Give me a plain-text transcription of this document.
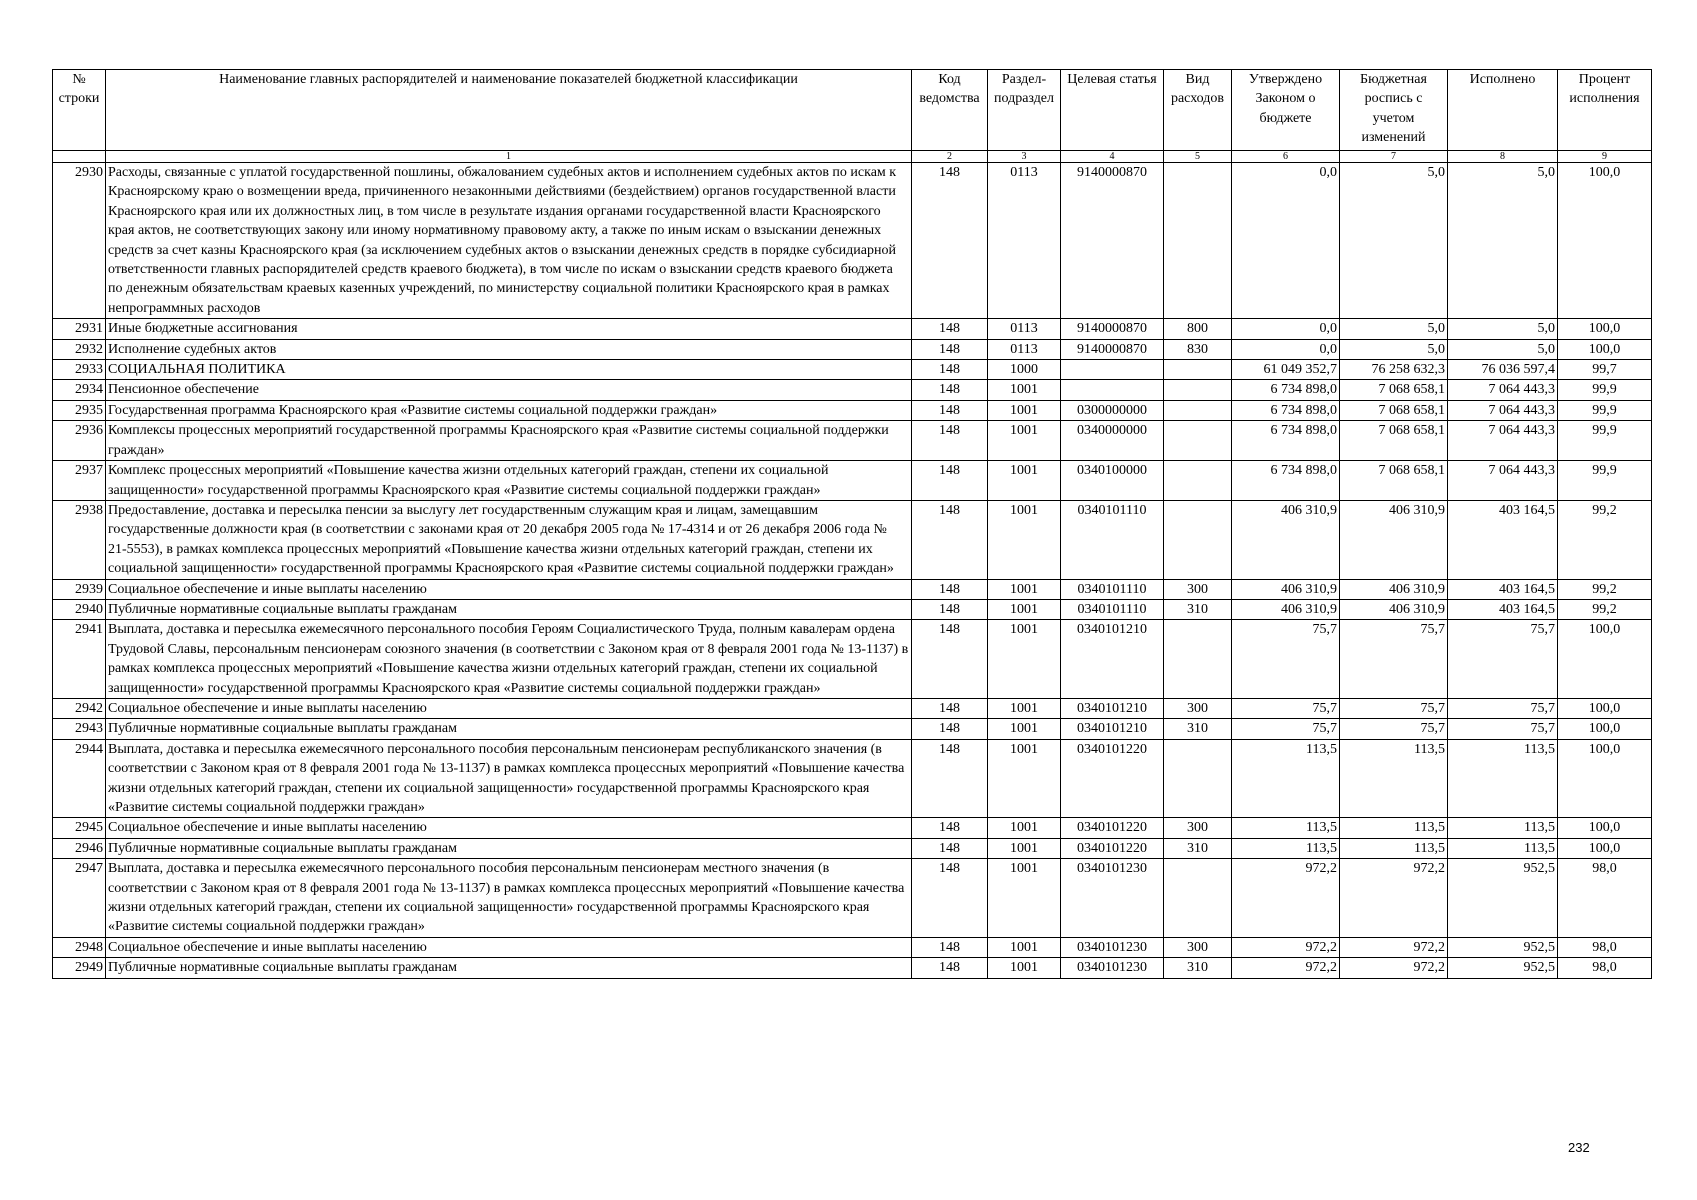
№ строки	Наименование главных распорядителей и наименование показателей бюджетной классификации	Код ведомства	Раздел-подраздел	Целевая статья	Вид расходов	Утверждено Законом о бюджете	Бюджетная роспись с учетом изменений	Исполнено	Процент исполнения
	1	2	3	4	5	6	7	8	9
2930	Расходы, связанные с уплатой государственной пошлины, обжалованием судебных актов и исполнением судебных актов по искам к Красноярскому краю о возмещении вреда, причиненного незаконными действиями (бездействием) органов государственной власти Красноярского края или их должностных лиц, в том числе в результате издания органами государственной власти Красноярского края актов, не соответствующих закону или иному нормативному правовому акту, а также по иным искам о взыскании денежных средств за счет казны Красноярского края (за исключением судебных актов о взыскании денежных средств в порядке субсидиарной ответственности главных распорядителей средств краевого бюджета), в том числе по искам о взыскании средств краевого бюджета по денежным обязательствам краевых казенных учреждений, по министерству социальной политики Красноярского края в рамках непрограммных расходов	148	0113	9140000870		0,0	5,0	5,0	100,0
2931	Иные бюджетные ассигнования	148	0113	9140000870	800	0,0	5,0	5,0	100,0
2932	Исполнение судебных актов	148	0113	9140000870	830	0,0	5,0	5,0	100,0
2933	СОЦИАЛЬНАЯ ПОЛИТИКА	148	1000			61 049 352,7	76 258 632,3	76 036 597,4	99,7
2934	Пенсионное обеспечение	148	1001			6 734 898,0	7 068 658,1	7 064 443,3	99,9
2935	Государственная программа Красноярского края «Развитие системы социальной поддержки граждан»	148	1001	0300000000		6 734 898,0	7 068 658,1	7 064 443,3	99,9
2936	Комплексы процессных мероприятий государственной программы Красноярского края «Развитие системы социальной поддержки граждан»	148	1001	0340000000		6 734 898,0	7 068 658,1	7 064 443,3	99,9
2937	Комплекс процессных мероприятий «Повышение качества жизни отдельных категорий граждан, степени их социальной защищенности» государственной программы Красноярского края «Развитие системы социальной поддержки граждан»	148	1001	0340100000		6 734 898,0	7 068 658,1	7 064 443,3	99,9
2938	Предоставление, доставка и пересылка пенсии за выслугу лет государственным служащим края и лицам, замещавшим государственные должности края (в соответствии с законами края от 20 декабря 2005 года № 17-4314 и от 26 декабря 2006 года № 21-5553), в рамках комплекса процессных мероприятий «Повышение качества жизни отдельных категорий граждан, степени их социальной защищенности» государственной программы Красноярского края «Развитие системы социальной поддержки граждан»	148	1001	0340101110		406 310,9	406 310,9	403 164,5	99,2
2939	Социальное обеспечение и иные выплаты населению	148	1001	0340101110	300	406 310,9	406 310,9	403 164,5	99,2
2940	Публичные нормативные социальные выплаты гражданам	148	1001	0340101110	310	406 310,9	406 310,9	403 164,5	99,2
2941	Выплата, доставка и пересылка ежемесячного персонального пособия Героям Социалистического Труда, полным кавалерам ордена Трудовой Славы, персональным пенсионерам союзного значения (в соответствии с Законом края от 8 февраля 2001 года № 13-1137) в рамках комплекса процессных мероприятий «Повышение качества жизни отдельных категорий граждан, степени их социальной защищенности» государственной программы Красноярского края «Развитие системы социальной поддержки граждан»	148	1001	0340101210		75,7	75,7	75,7	100,0
2942	Социальное обеспечение и иные выплаты населению	148	1001	0340101210	300	75,7	75,7	75,7	100,0
2943	Публичные нормативные социальные выплаты гражданам	148	1001	0340101210	310	75,7	75,7	75,7	100,0
2944	Выплата, доставка и пересылка ежемесячного персонального пособия персональным пенсионерам республиканского значения (в соответствии с Законом края от 8 февраля 2001 года № 13-1137) в рамках комплекса процессных мероприятий «Повышение качества жизни отдельных категорий граждан, степени их социальной защищенности» государственной программы Красноярского края «Развитие системы социальной поддержки граждан»	148	1001	0340101220		113,5	113,5	113,5	100,0
2945	Социальное обеспечение и иные выплаты населению	148	1001	0340101220	300	113,5	113,5	113,5	100,0
2946	Публичные нормативные социальные выплаты гражданам	148	1001	0340101220	310	113,5	113,5	113,5	100,0
2947	Выплата, доставка и пересылка ежемесячного персонального пособия персональным пенсионерам местного значения (в соответствии с Законом края от 8 февраля 2001 года № 13-1137) в рамках комплекса процессных мероприятий «Повышение качества жизни отдельных категорий граждан, степени их социальной защищенности» государственной программы Красноярского края «Развитие системы социальной поддержки граждан»	148	1001	0340101230		972,2	972,2	952,5	98,0
2948	Социальное обеспечение и иные выплаты населению	148	1001	0340101230	300	972,2	972,2	952,5	98,0
2949	Публичные нормативные социальные выплаты гражданам	148	1001	0340101230	310	972,2	972,2	952,5	98,0
232
